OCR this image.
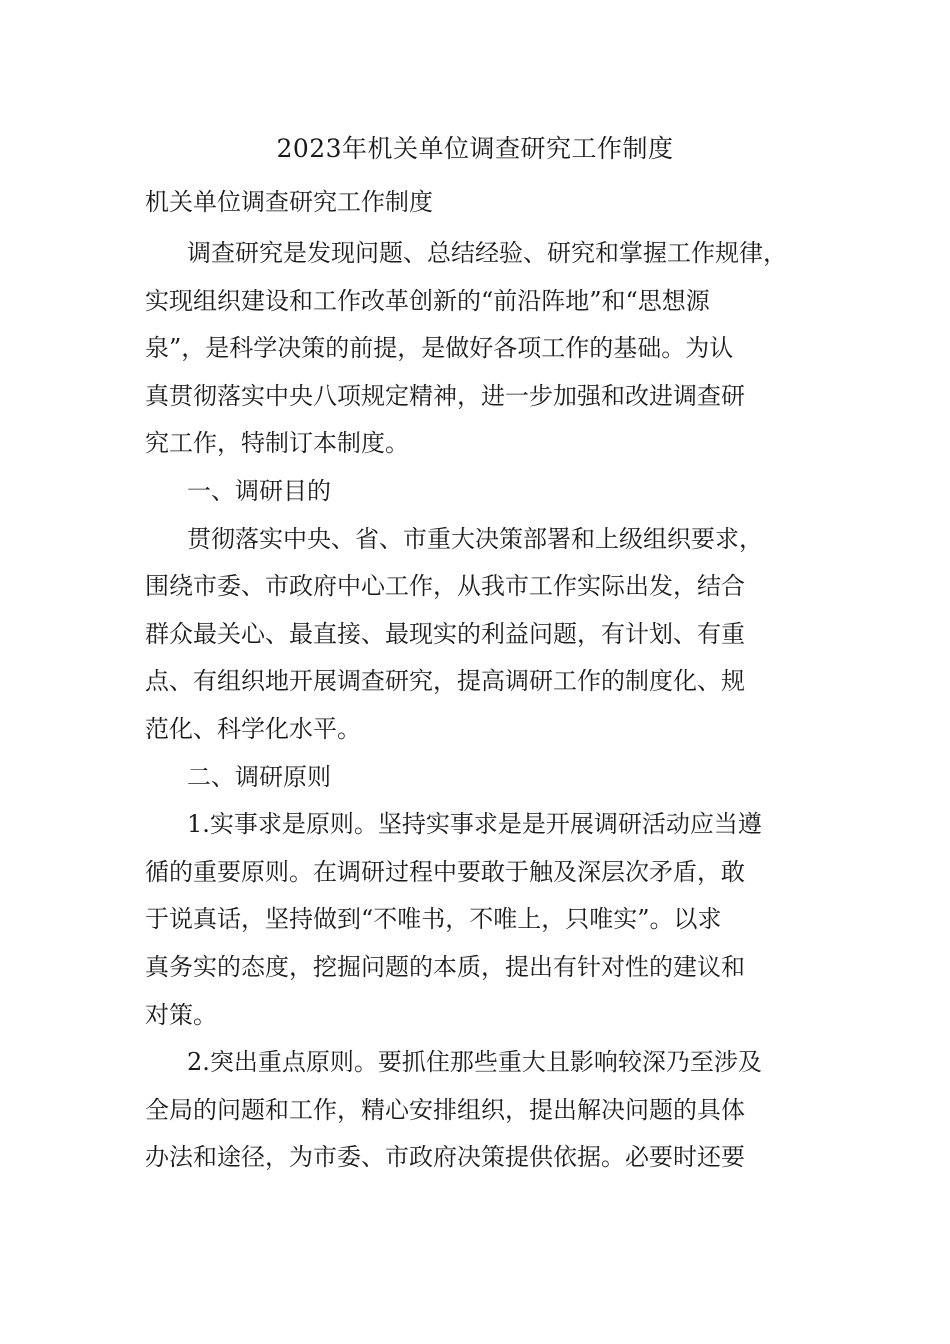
2023年机关单位调查研究工作制度
机关单位调查研究工作制度
调查研究是发现问题、总结经验、研究和掌握工作规律，
实现组织建设和工作改革创新的“前沿阵地”和“思想源
泉”，是科学决策的前提，是做好各项工作的基础。为认
真贯彻落实中央八项规定精神，进一步加强和改进调查研
究工作，特制订本制度。
一、调研目的
贯彻落实中央、省、市重大决策部署和上级组织要求，
围绕市委、市政府中心工作，从我市工作实际出发，结合
群众最关心、最直接、最现实的利益问题，有计划、有重
点、有组织地开展调查研究，提高调研工作的制度化、规
范化、科学化水平。
二、调研原则
1.实事求是原则。坚持实事求是是开展调研活动应当遵
循的重要原则。在调研过程中要敢于触及深层次矛盾，敢
于说真话，坚持做到“不唯书，不唯上，只唯实”。以求
真务实的态度，挖掘问题的本质，提出有针对性的建议和
对策。
2.突出重点原则。要抓住那些重大且影响较深乃至涉及
全局的问题和工作，精心安排组织，提出解决问题的具体
办法和途径，为市委、市政府决策提供依据。必要时还要
